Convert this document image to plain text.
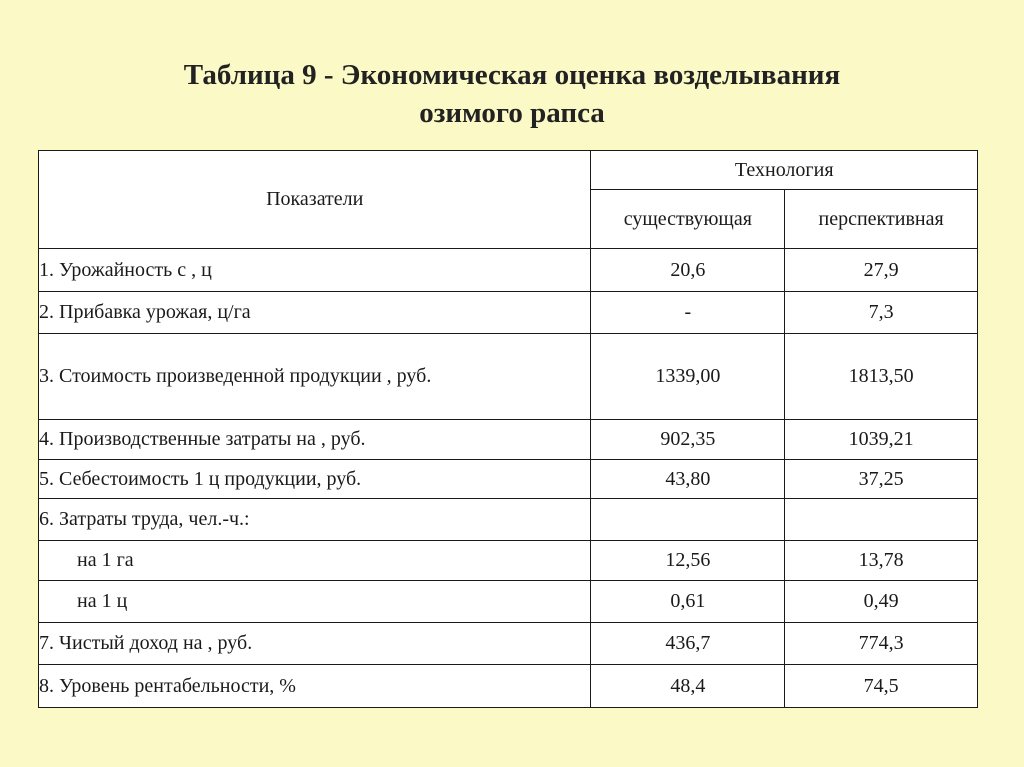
Таблица 9 - Экономическая оценка возделывания
озимого рапса
Показатели	Технология	
	существующая	перспективная
1. Урожайность с , ц	20,6	27,9
2. Прибавка урожая, ц/га	-	7,3
3. Стоимость произведенной продукции , руб.	1339,00	1813,50
4. Производственные затраты на , руб.	902,35	1039,21
5. Себестоимость 1 ц продукции, руб.	43,80	37,25
6. Затраты труда, чел.-ч.:		
на 1 га	12,56	13,78
на 1 ц	0,61	0,49
7. Чистый доход на , руб.	436,7	774,3
8. Уровень рентабельности, %	48,4	74,5
